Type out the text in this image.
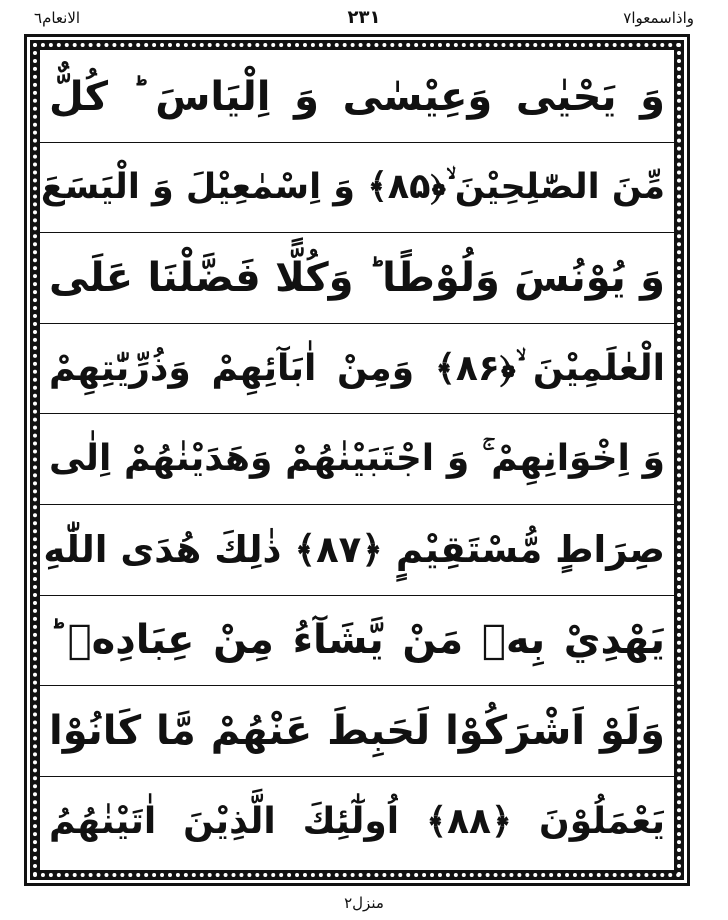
الانعام٦	۲۳۱	واذاسمعوا۷
وَ يَحْيٰى وَعِيْسٰى وَ اِلْيَاسَ ؕ كُلٌّ
مِّنَ الصّٰلِحِيْنَ ۙ﴿۸۵﴾ وَ اِسْمٰعِيْلَ وَ الْيَسَعَ
وَ يُوْنُسَ وَلُوْطًا ؕ وَكُلًّا فَضَّلْنَا عَلَى
الْعٰلَمِيْنَ ۙ﴿۸۶﴾ وَمِنْ اٰبَآئِهِمْ وَذُرِّيّٰتِهِمْ
وَ اِخْوَانِهِمْ ۚ وَ اجْتَبَيْنٰهُمْ وَهَدَيْنٰهُمْ اِلٰى
صِرَاطٍ مُّسْتَقِيْمٍ ﴿۸۷﴾ ذٰلِكَ هُدَى اللّٰهِ
يَهْدِيْ بِهٖ مَنْ يَّشَآءُ مِنْ عِبَادِهٖ ؕ
وَلَوْ اَشْرَكُوْا لَحَبِطَ عَنْهُمْ مَّا كَانُوْا
يَعْمَلُوْنَ ﴿۸۸﴾ اُولٰٓئِكَ الَّذِيْنَ اٰتَيْنٰهُمُ
منزل۲
